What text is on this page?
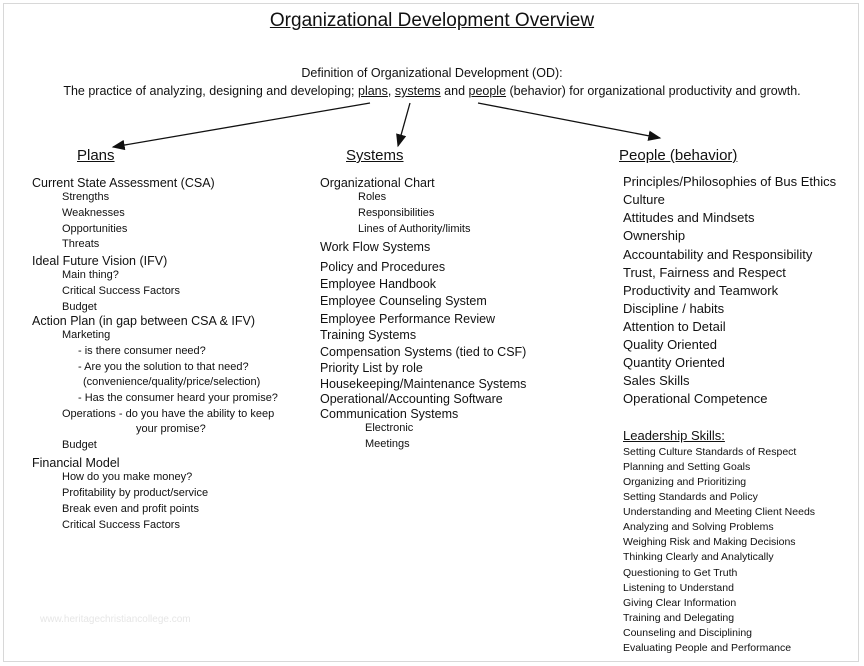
Organizational Development Overview
Definition of Organizational Development (OD):
The practice of analyzing, designing and developing; plans, systems and people (behavior) for organizational productivity and growth.
Plans	Systems	People (behavior)
Current State Assessment (CSA)
Strengths
Weaknesses
Opportunities
Threats
Ideal Future Vision (IFV)
Main thing?
Critical Success Factors
Budget
Action Plan (in gap between CSA & IFV)
Marketing
- is there consumer need?
- Are you the solution to that need?
(convenience/quality/price/selection)
- Has the consumer heard your promise?
Operations - do you have the ability to keep
your promise?
Budget
Financial Model
How do you make money?
Profitability by product/service
Break even and profit points
Critical Success Factors
Organizational Chart
Roles
Responsibilities
Lines of Authority/limits
Work Flow Systems
Policy and Procedures
Employee Handbook
Employee Counseling System
Employee Performance Review
Training Systems
Compensation Systems (tied to CSF)
Priority List by role
Housekeeping/Maintenance Systems
Operational/Accounting Software
Communication Systems
Electronic
Meetings
Principles/Philosophies of Bus Ethics
Culture
Attitudes and Mindsets
Ownership
Accountability and Responsibility
Trust, Fairness and Respect
Productivity and Teamwork
Discipline / habits
Attention to Detail
Quality Oriented
Quantity Oriented
Sales Skills
Operational Competence
Leadership Skills:
Setting Culture Standards of Respect
Planning and Setting Goals
Organizing and Prioritizing
Setting Standards and Policy
Understanding and Meeting Client Needs
Analyzing and Solving Problems
Weighing Risk and Making Decisions
Thinking Clearly and Analytically
Questioning to Get Truth
Listening to Understand
Giving Clear Information
Training and Delegating
Counseling and Disciplining
Evaluating People and Performance
www.heritagechristiancollege.com
